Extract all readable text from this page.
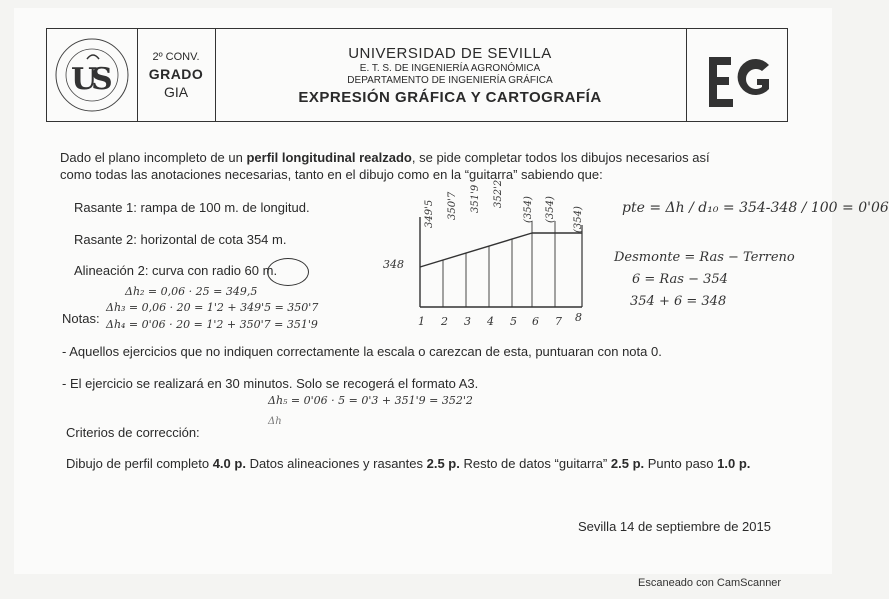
U
S
2º CONV.
GRADO
GIA
UNIVERSIDAD DE SEVILLA
E. T. S. DE INGENIERÍA AGRONÓMICA
DEPARTAMENTO DE INGENIERÍA GRÁFICA
EXPRESIÓN GRÁFICA Y CARTOGRAFÍA
Dado el plano incompleto de un perfil longitudinal realzado, se pide completar todos los dibujos necesarios así
como todas las anotaciones necesarias, tanto en el dibujo como en la “guitarra” sabiendo que:
Rasante 1: rampa de 100 m. de longitud.
Rasante 2: horizontal de cota 354 m.
Alineación 2: curva con radio 60 m.
Δh₂ = 0,06 · 25 = 349,5
Notas:
Δh₃ = 0,06 · 20 = 1'2 + 349'5 = 350'7
Δh₄ = 0'06 · 20 = 1'2 + 350'7 = 351'9
348
349'5 350'7 351'9 352'2
(354) (354) (354)
1 2 3 4 5 6 7 8
pte = Δh / d₁₀ = 354-348 / 100 = 0'06
Desmonte = Ras − Terreno
6 = Ras − 354
354 + 6 = 348
- Aquellos ejercicios que no indiquen correctamente la escala o carezcan de esta, puntuaran con nota 0.
- El ejercicio se realizará en 30 minutos. Solo se recogerá el formato A3.
Δh₅ = 0'06 · 5 = 0'3 + 351'9 = 352'2
Δh
Criterios de corrección:
Dibujo de perfil completo 4.0 p. Datos alineaciones y rasantes 2.5 p. Resto de datos “guitarra” 2.5 p. Punto paso 1.0 p.
Sevilla 14 de septiembre de 2015
Escaneado con CamScanner
